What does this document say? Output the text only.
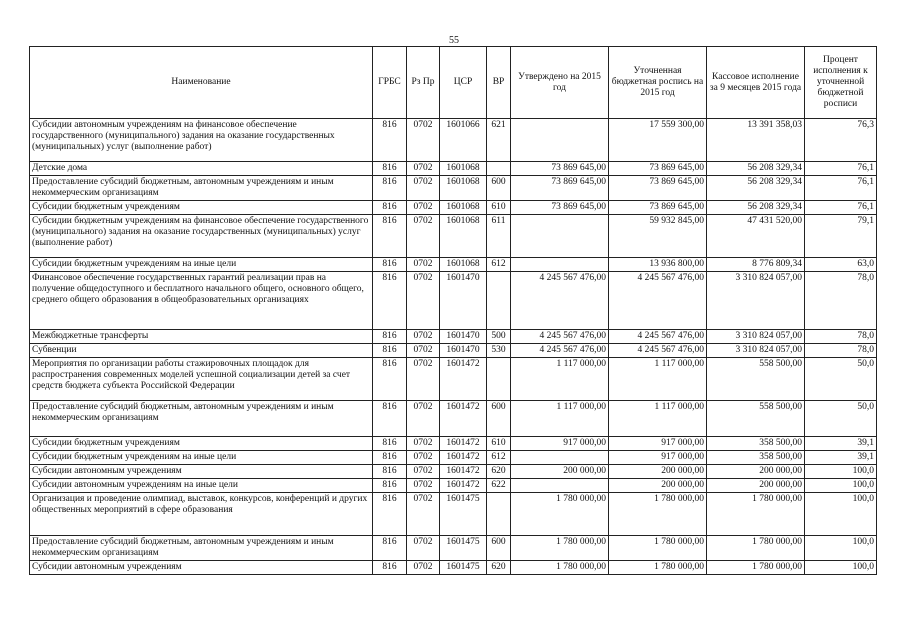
55
Наименование	ГРБС	Рз Пр	ЦСР	ВР	Утверждено на 2015 год	Уточненная бюджетная роспись на 2015 год	Кассовое исполнение за 9 месяцев 2015 года	Процент исполнения к уточненной бюджетной росписи
Субсидии автономным учреждениям на финансовое обеспечение государственного (муниципального) задания на оказание государственных (муниципальных) услуг (выполнение работ)	816	0702	1601066	621		17 559 300,00	13 391 358,03	76,3
Детские дома	816	0702	1601068		73 869 645,00	73 869 645,00	56 208 329,34	76,1
Предоставление субсидий бюджетным, автономным учреждениям и иным некоммерческим организациям	816	0702	1601068	600	73 869 645,00	73 869 645,00	56 208 329,34	76,1
Субсидии бюджетным учреждениям	816	0702	1601068	610	73 869 645,00	73 869 645,00	56 208 329,34	76,1
Субсидии бюджетным учреждениям на финансовое обеспечение государственного (муниципального) задания на оказание государственных (муниципальных) услуг (выполнение работ)	816	0702	1601068	611		59 932 845,00	47 431 520,00	79,1
Субсидии бюджетным учреждениям на иные цели	816	0702	1601068	612		13 936 800,00	8 776 809,34	63,0
Финансовое обеспечение государственных гарантий реализации прав на получение общедоступного и бесплатного начального общего, основного общего, среднего общего образования в общеобразовательных организациях	816	0702	1601470		4 245 567 476,00	4 245 567 476,00	3 310 824 057,00	78,0
Межбюджетные трансферты	816	0702	1601470	500	4 245 567 476,00	4 245 567 476,00	3 310 824 057,00	78,0
Субвенции	816	0702	1601470	530	4 245 567 476,00	4 245 567 476,00	3 310 824 057,00	78,0
Мероприятия по организации работы стажировочных площадок для распространения современных моделей успешной социализации детей за счет средств бюджета субъекта Российской Федерации	816	0702	1601472		1 117 000,00	1 117 000,00	558 500,00	50,0
Предоставление субсидий бюджетным, автономным учреждениям и иным некоммерческим организациям	816	0702	1601472	600	1 117 000,00	1 117 000,00	558 500,00	50,0
Субсидии бюджетным учреждениям	816	0702	1601472	610	917 000,00	917 000,00	358 500,00	39,1
Субсидии бюджетным учреждениям на иные цели	816	0702	1601472	612		917 000,00	358 500,00	39,1
Субсидии автономным учреждениям	816	0702	1601472	620	200 000,00	200 000,00	200 000,00	100,0
Субсидии автономным учреждениям на иные цели	816	0702	1601472	622		200 000,00	200 000,00	100,0
Организация и проведение олимпиад, выставок, конкурсов, конференций и других общественных мероприятий в сфере образования	816	0702	1601475		1 780 000,00	1 780 000,00	1 780 000,00	100,0
Предоставление субсидий бюджетным, автономным учреждениям и иным некоммерческим организациям	816	0702	1601475	600	1 780 000,00	1 780 000,00	1 780 000,00	100,0
Субсидии автономным учреждениям	816	0702	1601475	620	1 780 000,00	1 780 000,00	1 780 000,00	100,0
